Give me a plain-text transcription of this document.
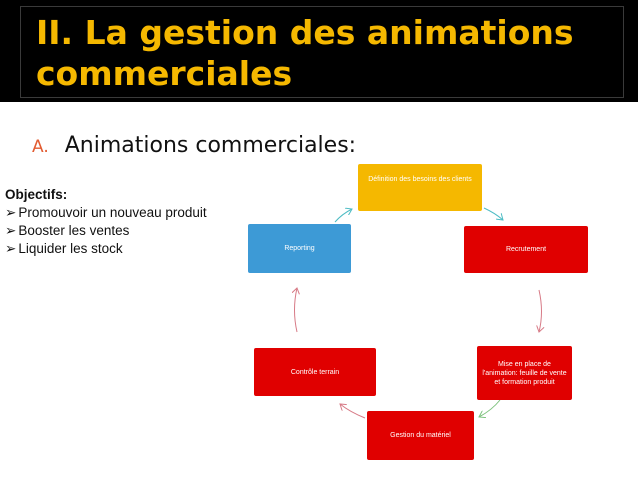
II. La gestion des animations
commerciales
A. Animations commerciales:
Objectifs:
➢ Promouvoir un nouveau produit
➢ Booster les ventes
➢ Liquider les stock
Définition des besoins des clients
Recrutement
Mise en place de l'animation: feuille de vente et formation produit
Gestion du matériel
Contrôle terrain
Reporting
